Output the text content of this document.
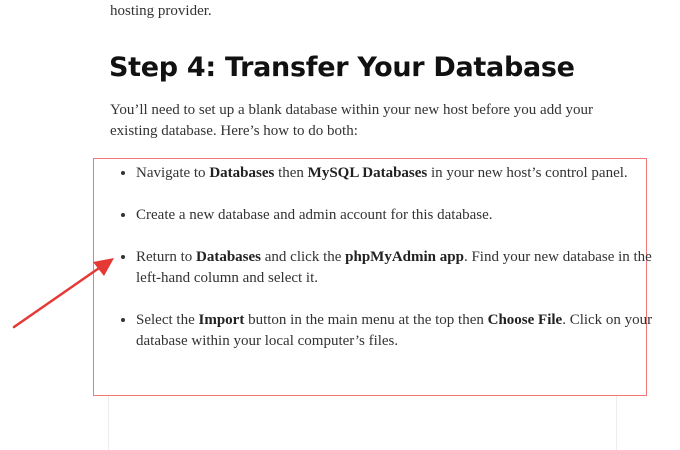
hosting provider.

Step 4: Transfer Your Database

You’ll need to set up a blank database within your new host before you add your existing database. Here’s how to do both:

• Navigate to Databases then MySQL Databases in your new host’s control panel.
• Create a new database and admin account for this database.
• Return to Databases and click the phpMyAdmin app. Find your new database in the left-hand column and select it.
• Select the Import button in the main menu at the top then Choose File. Click on your database within your local computer’s files.
